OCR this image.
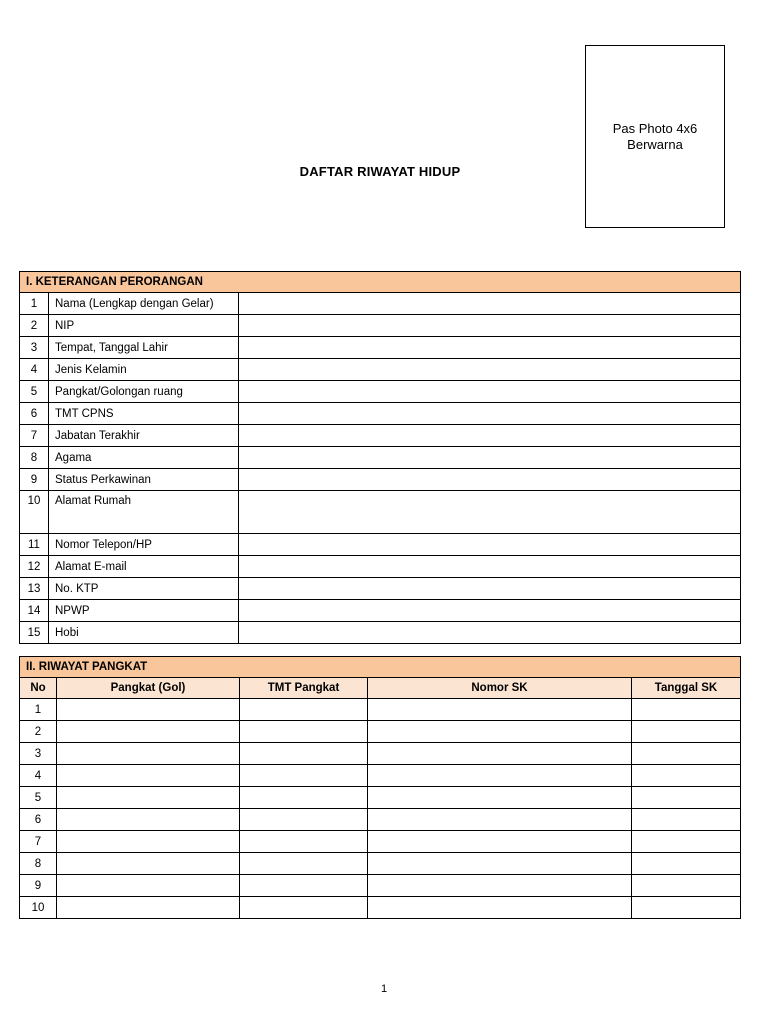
DAFTAR RIWAYAT HIDUP
Pas Photo 4x6
Berwarna
I. KETERANGAN PERORANGAN		
1	Nama (Lengkap dengan Gelar)	
2	NIP	
3	Tempat, Tanggal Lahir	
4	Jenis Kelamin	
5	Pangkat/Golongan ruang	
6	TMT CPNS	
7	Jabatan Terakhir	
8	Agama	
9	Status Perkawinan	
10	Alamat Rumah	
11	Nomor Telepon/HP	
12	Alamat E-mail	
13	No. KTP	
14	NPWP	
15	Hobi	
II. RIWAYAT PANGKAT				
No	Pangkat (Gol)	TMT Pangkat	Nomor SK	Tanggal SK
1				
2				
3				
4				
5				
6				
7				
8				
9				
10				
1
